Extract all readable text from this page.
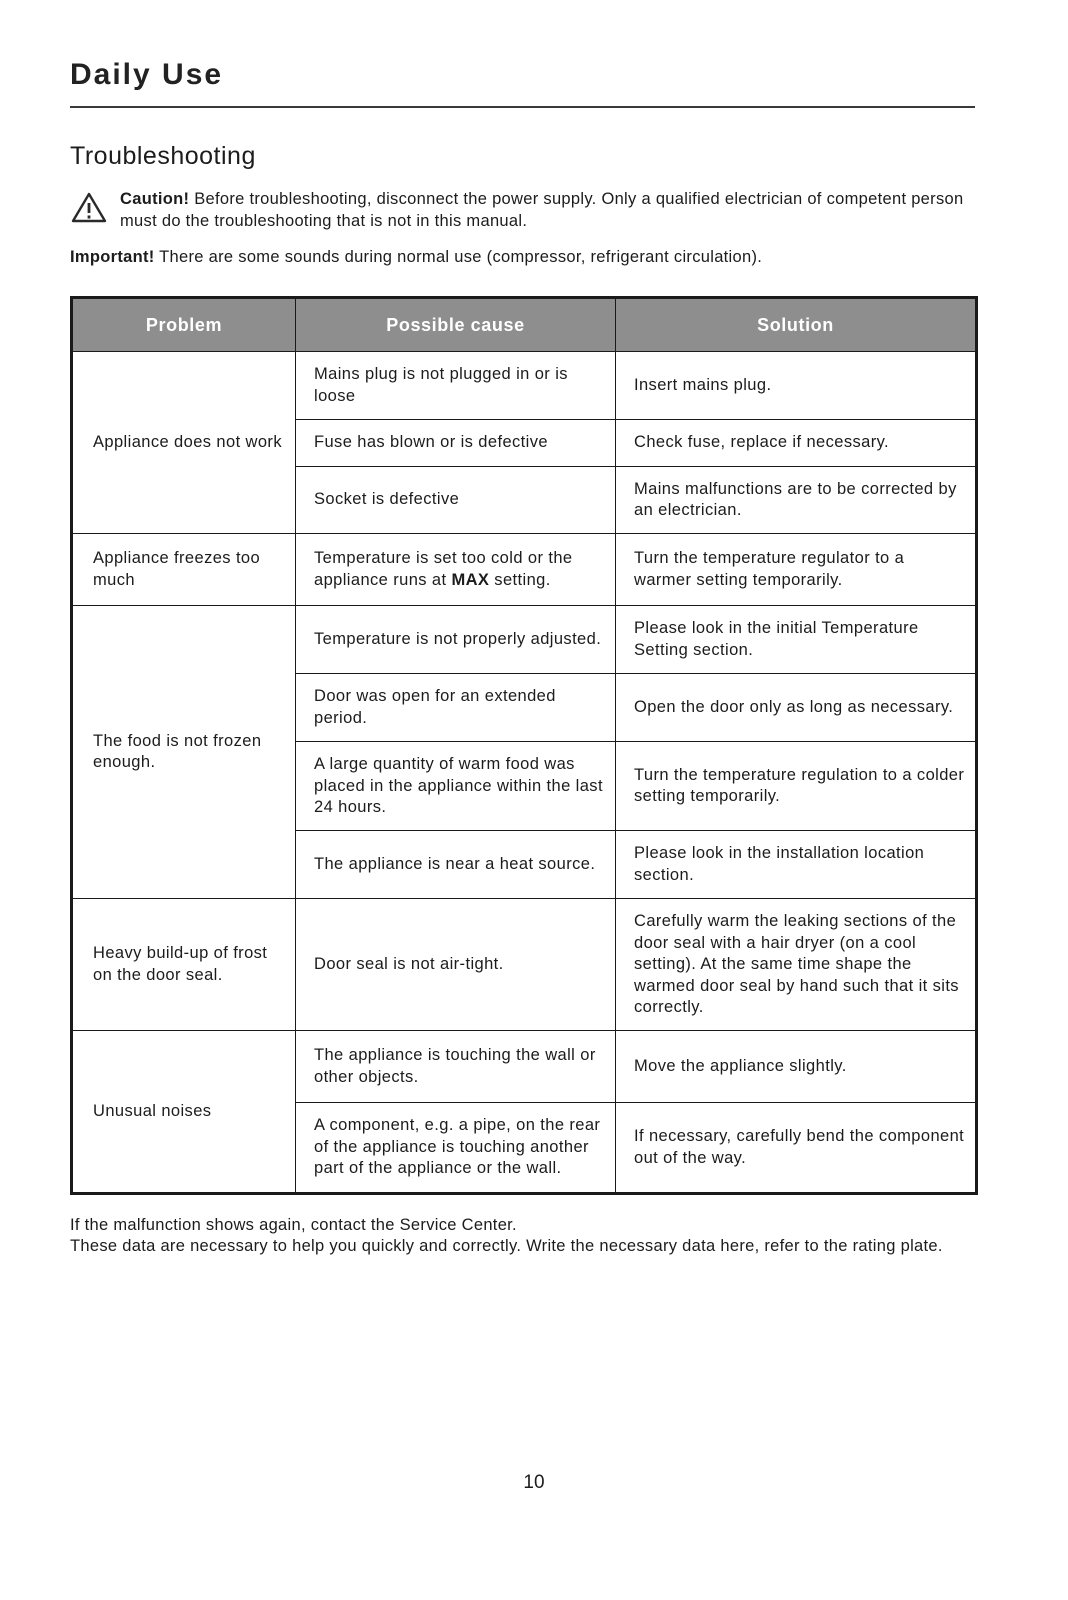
Daily Use
Troubleshooting

Caution! Before troubleshooting, disconnect the power supply. Only a qualified electrician of competent person must do the troubleshooting that is not in this manual.

Important! There are some sounds during normal use (compressor, refrigerant circulation).

Problem	Possible cause	Solution
Appliance does not work	Mains plug is not plugged in or is loose	Insert mains plug.
	Fuse has blown or is defective	Check fuse, replace if necessary.
	Socket is defective	Mains malfunctions are to be corrected by an electrician.
Appliance freezes too much	Temperature is set too cold or the appliance runs at MAX setting.	Turn the temperature regulator to a warmer setting temporarily.
The food is not frozen enough.	Temperature is not properly adjusted.	Please look in the initial Temperature Setting section.
	Door was open for an extended period.	Open the door only as long as necessary.
	A large quantity of warm food was placed in the appliance within the last 24 hours.	Turn the temperature regulation to a colder setting temporarily.
	The appliance is near a heat source.	Please look in the installation location section.
Heavy build-up of frost on the door seal.	Door seal is not air-tight.	Carefully warm the leaking sections of the door seal with a hair dryer (on a cool setting). At the same time shape the warmed door seal by hand such that it sits correctly.
Unusual noises	The appliance is touching the wall or other objects.	Move the appliance slightly.
	A component, e.g. a pipe, on the rear of the appliance is touching another part of the appliance or the wall.	If necessary, carefully bend the component out of the way.

If the malfunction shows again, contact the Service Center.

These data are necessary to help you quickly and correctly. Write the necessary data here, refer to the rating plate.

10
